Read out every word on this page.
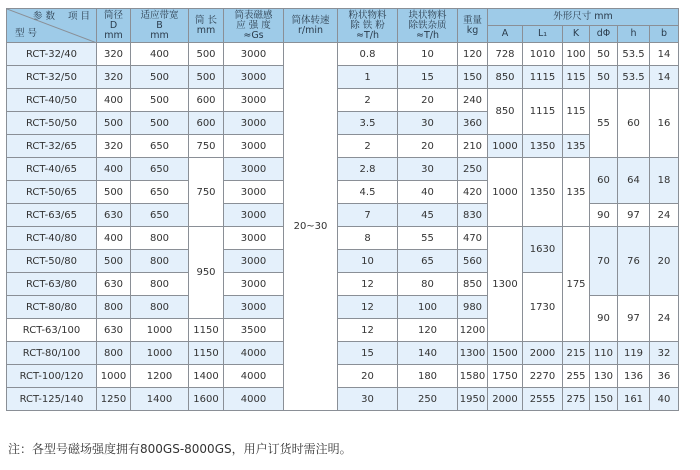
参 数 项 目
型 号	筒径
D
mm	适应带宽
B
mm	筒 长
mm	筒表磁感
应 强 度
≈Gs	筒体转速
r/min	粉状物料
除 铁 粉
≈T/h	块状物料
除铁杂质
≈T/h	重量
kg	外形尺寸 mm					
									A	L₁	K	dΦ	h	b
RCT-32/40	320	400	500	3000	20~30	0.8	10	120	728	1010	100	50	53.5	14
RCT-32/50	320	500	500	3000		1	15	150	850	1115	115	50	53.5	14
RCT-40/50	400	500	600	3000		2	20	240	850	1115	115	55	60	16
RCT-50/50	500	500	600	3000		3.5	30	360						
RCT-32/65	320	650	750	3000		2	20	210	1000	1350	135			
RCT-40/65	400	650	750	3000		2.8	30	250	1000	1350	135	60	64	18
RCT-50/65	500	650		3000		4.5	40	420						
RCT-63/65	630	650		3000		7	45	830				90	97	24
RCT-40/80	400	800	950	3000		8	55	470	1300	1630	175	70	76	20
RCT-50/80	500	800		3000		10	65	560						
RCT-63/80	630	800		3000		12	80	850		1730				
RCT-80/80	800	800		3000		12	100	980				90	97	24
RCT-63/100	630	1000	1150	3500		12	120	1200						
RCT-80/100	800	1000	1150	4000		15	140	1300	1500	2000	215	110	119	32
RCT-100/120	1000	1200	1400	4000		20	180	1580	1750	2270	255	130	136	36
RCT-125/140	1250	1400	1600	4000		30	250	1950	2000	2555	275	150	161	40
注：各型号磁场强度拥有800GS-8000GS，用户订货时需注明。
